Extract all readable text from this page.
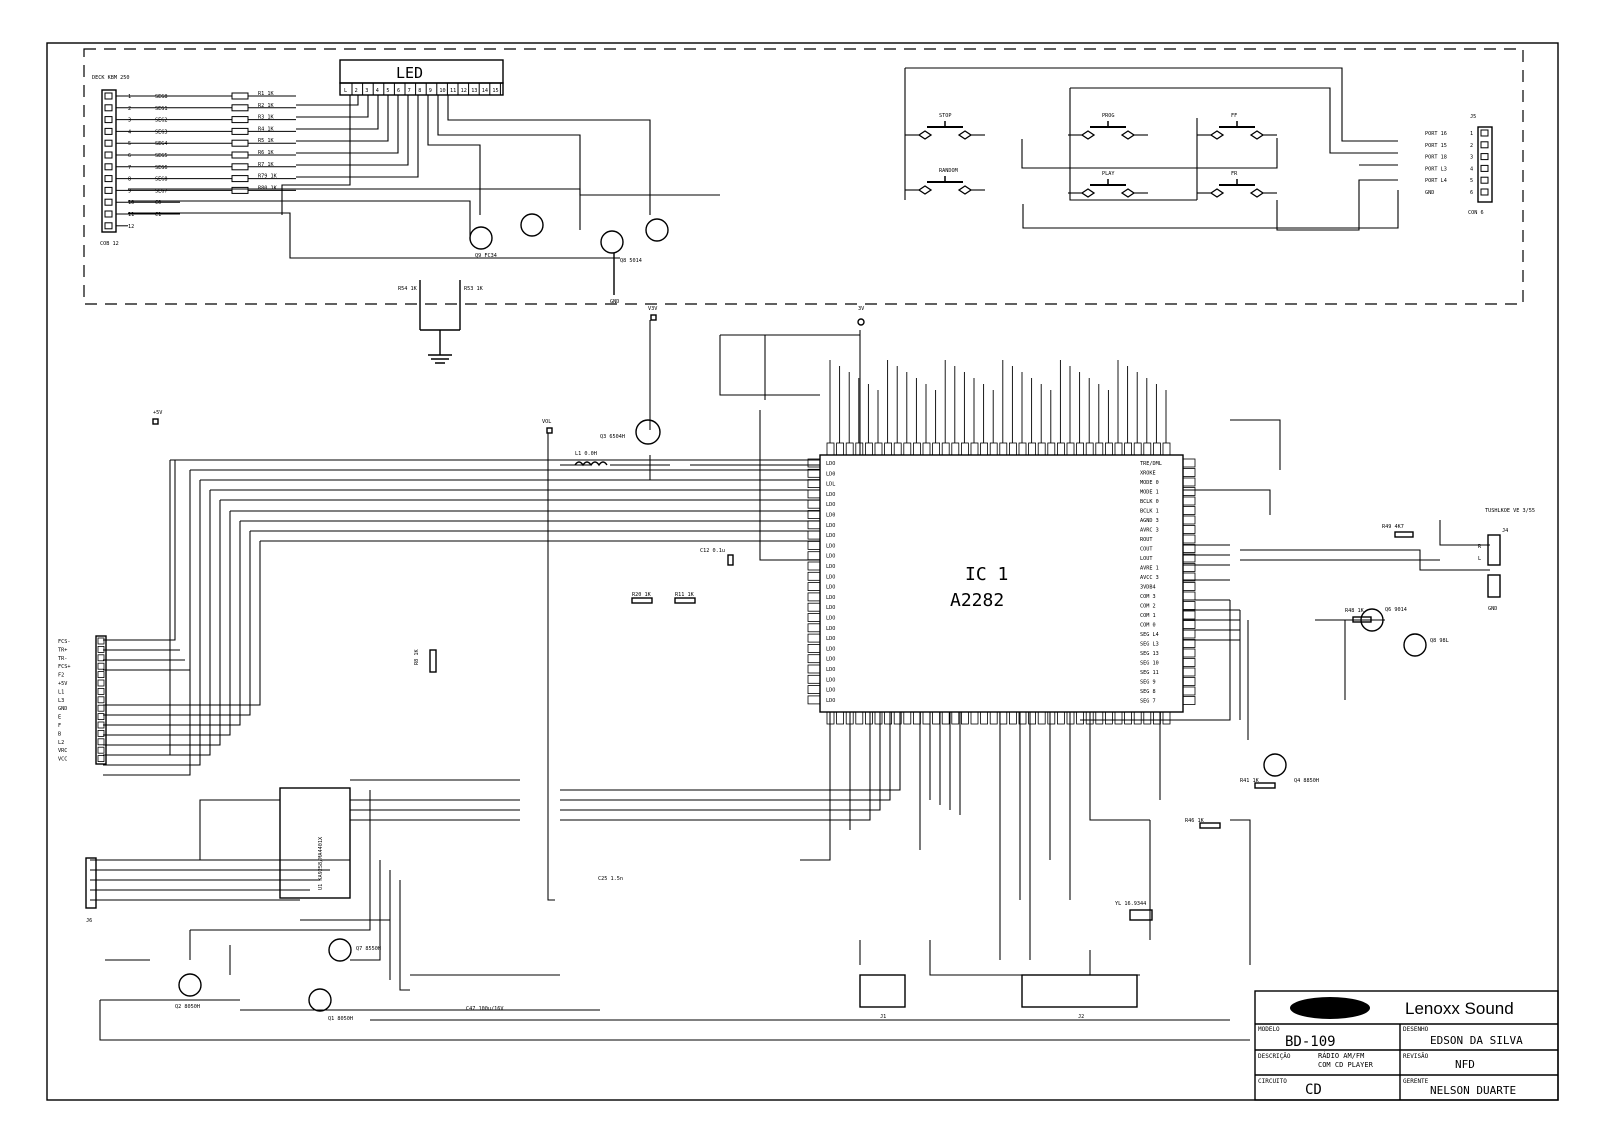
LED
L 2 3 4 5 6 7 8 9 10 11 12 13 14 15
DECK KBM 250
1	SEG8	R1 1K
2	SEG1	R2 1K
3	SEG2	R3 1K
4	SEG3	R4 1K
5	SEG4	R5 1K
6	SEG5	R6 1K
7	SEG6	R7 1K
8	SEG8	R79 1K
9	SEG7	R80 1K
10	C0
11	C1
12
COB 12
Q9 FC34
Q8 5014
GND
R54 1K	R53 1K
STOP
RANDOM
PROG
PLAY
FF
FR
J5
1
PORT 16
2
PORT 15
3
PORT 18
4
PORT L3
5
PORT L4
6
GND
CON 6
IC 1
A2282
LDO
LD0
LDL
LDO
LDO
LD0
LDO
LDO
LDO
LDO
LDO
LDO
LDO
LDO
LDO
LDO
LDO
LDO
LDO
LDO
LDO
LDO
LDO
LDO
TRE/DML
XROKE
MODE 0
MODE 1
BCLK 0
BCLK 1
AGND 3
AVRC 3
ROUT
COUT
LOUT
AVRE 1
AVCC 3
3VDB4
COM 3
COM 2
COM 1
COM 0
SEG L4
SEG L3
SEG 13
SEG 10
SEG 11
SEG 9
SEG 8
SEG 7
+5V
VOL
V3V	3V
Q3 6504H
L1 0.0H
Q6 9014
Q8 98L
Q4 8850H
Q7 8550H
Q2 8050H
Q1 8050H
R20 1K	R11 1K
R8 1K
R41 1K
R46 1K
R48 1K
R49 4K7
C12 0.1u
YL 16.9344
C47 100u/16V
C25 1.5n
U1 KA9258/MA4401X
FCS-
TR+
TR-
FCS+
F2
+5V
L1
L3
GND
E
F
B
L2
VRC
VCC
J6
TUSHLKOE VE 3/55
J4
R
L
GND
J1	J2	Lenoxx Sound
MODELO
BD-109
DESENHO
EDSON DA SILVA
DESCRIÇÃO	RÁDIO AM/FM
COM CD PLAYER
REVISÃO
NFD
CIRCUITO
CD
GERENTE
NELSON DUARTE
